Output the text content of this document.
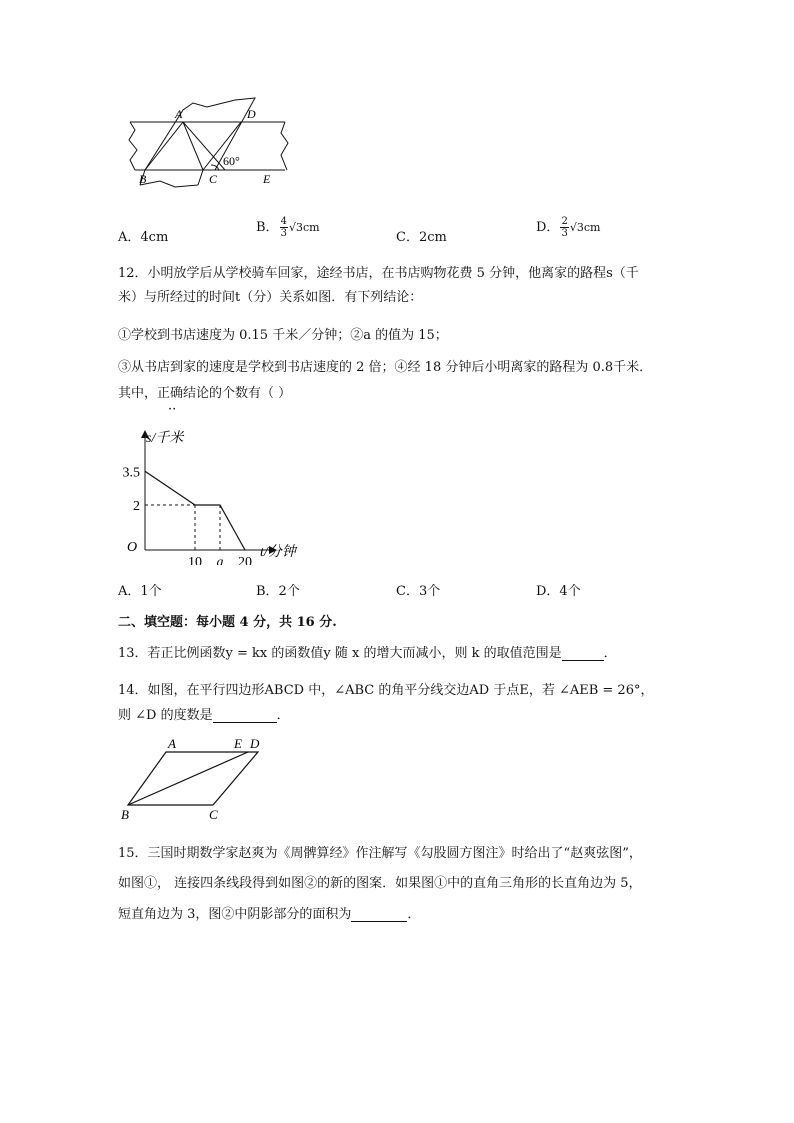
A	D
B	C	E
60°
A．4cm
B． $\frac{4}{3} √3cm$
C．2cm
D． $\frac{2}{3} √3cm$
12．小明放学后从学校骑车回家，途经书店，在书店购物花费 5 分钟，他离家的路程s（千
米）与所经过的时间t（分）关系如图．有下列结论：
①学校到书店速度为 0.15 千米／分钟；②a 的值为 15；
③从书店到家的速度是学校到书店速度的 2 倍；④经 18 分钟后小明离家的路程为 0.8千米．
其中，正确结论的个数有（ ）
··
10 a 20
3.5
2
s/千米
t/分钟
O
A．1个	B．2个	C．3个	D．4个
二、填空题：每小题 4 分，共 16 分.
13．若正比例函数y = kx 的函数值y 随 x 的增大而减小，则 k 的取值范围是	．
14．如图，在平行四边形ABCD 中，∠ABC 的角平分线交边AD 于点E，若 ∠AEB = 26°，
则 ∠D 的度数是	．
A	E D
B	C
15．三国时期数学家赵爽为《周髀算经》作注解写《勾股圆方图注》时给出了“赵爽弦图”，
如图①， 连接四条线段得到如图②的新的图案．如果图①中的直角三角形的长直角边为 5，
短直角边为 3，图②中阴影部分的面积为	．
